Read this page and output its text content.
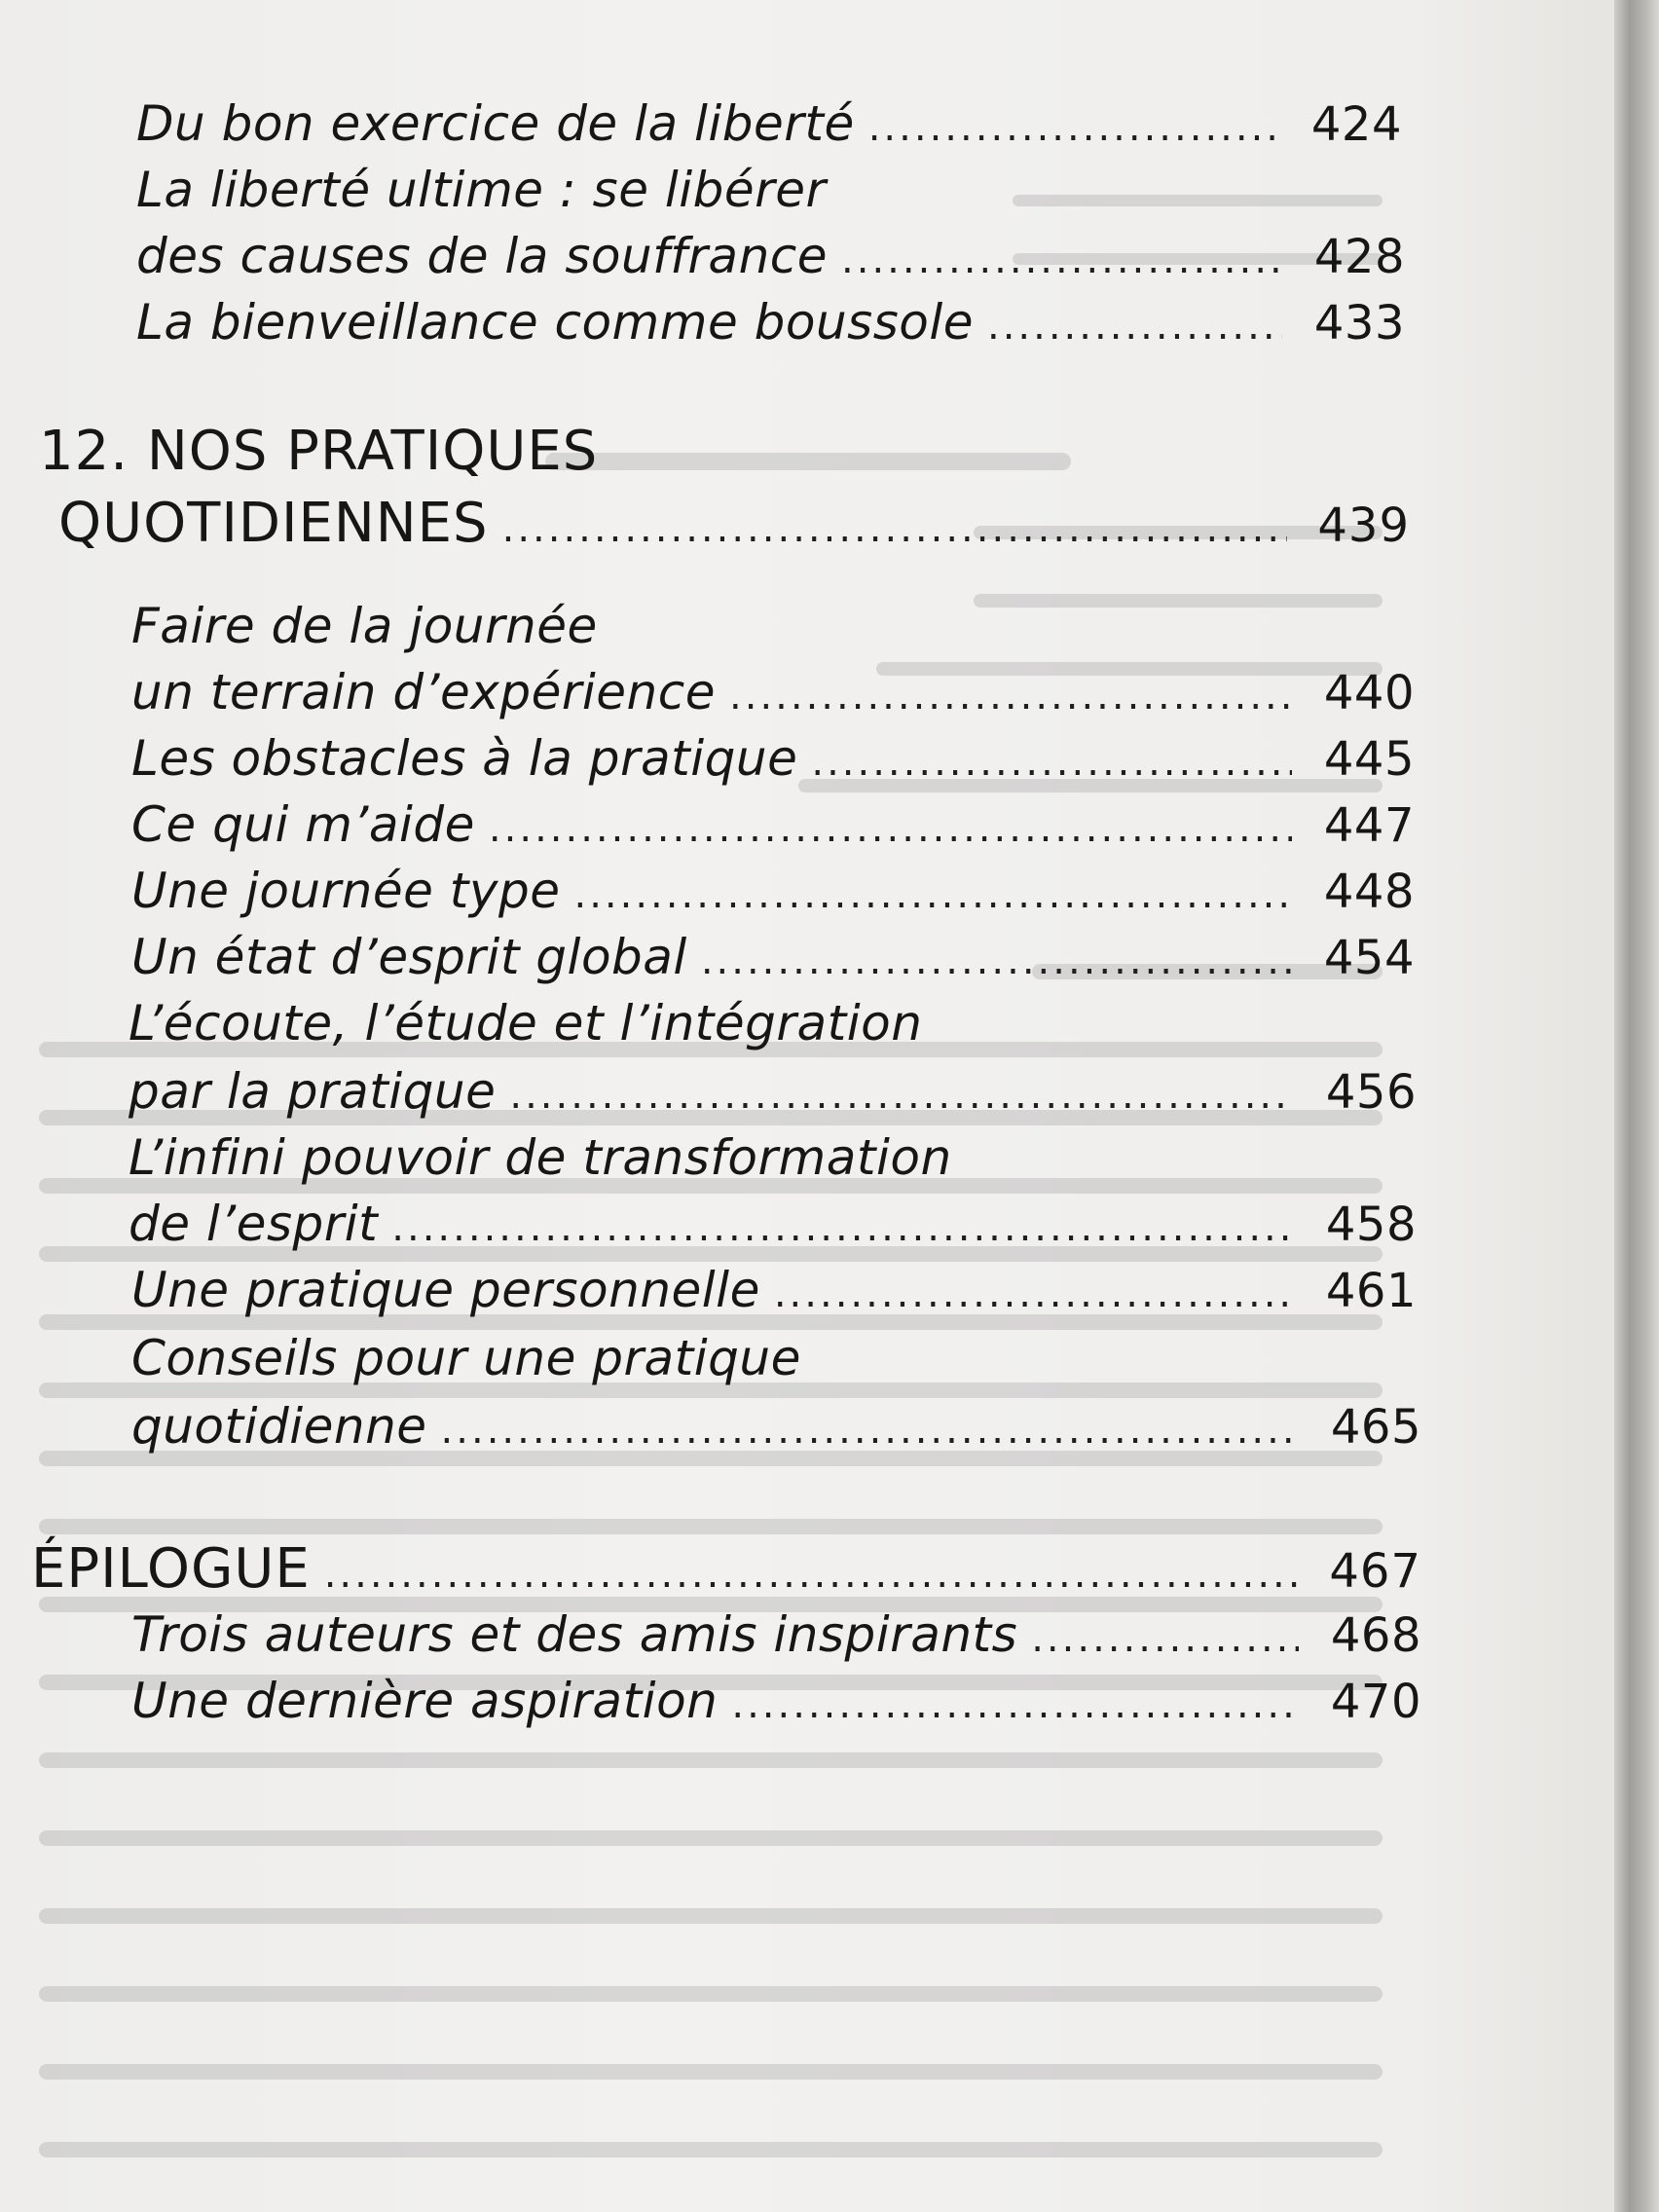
Du bon exercice de la liberté .....	424
La liberté ultime : se libérer
des causes de la souffrance .....	428
La bienveillance comme boussole .....	433
12. NOS PRATIQUES
QUOTIDIENNES .....	439
Faire de la journée
un terrain d’expérience .....	440
Les obstacles à la pratique .....	445
Ce qui m’aide .....	447
Une journée type .....	448
Un état d’esprit global .....	454
L’écoute, l’étude et l’intégration
par la pratique .....	456
L’infini pouvoir de transformation
de l’esprit .....	458
Une pratique personnelle .....	461
Conseils pour une pratique
quotidienne .....	465
ÉPILOGUE .....	467
Trois auteurs et des amis inspirants .....	468
Une dernière aspiration .....	470
